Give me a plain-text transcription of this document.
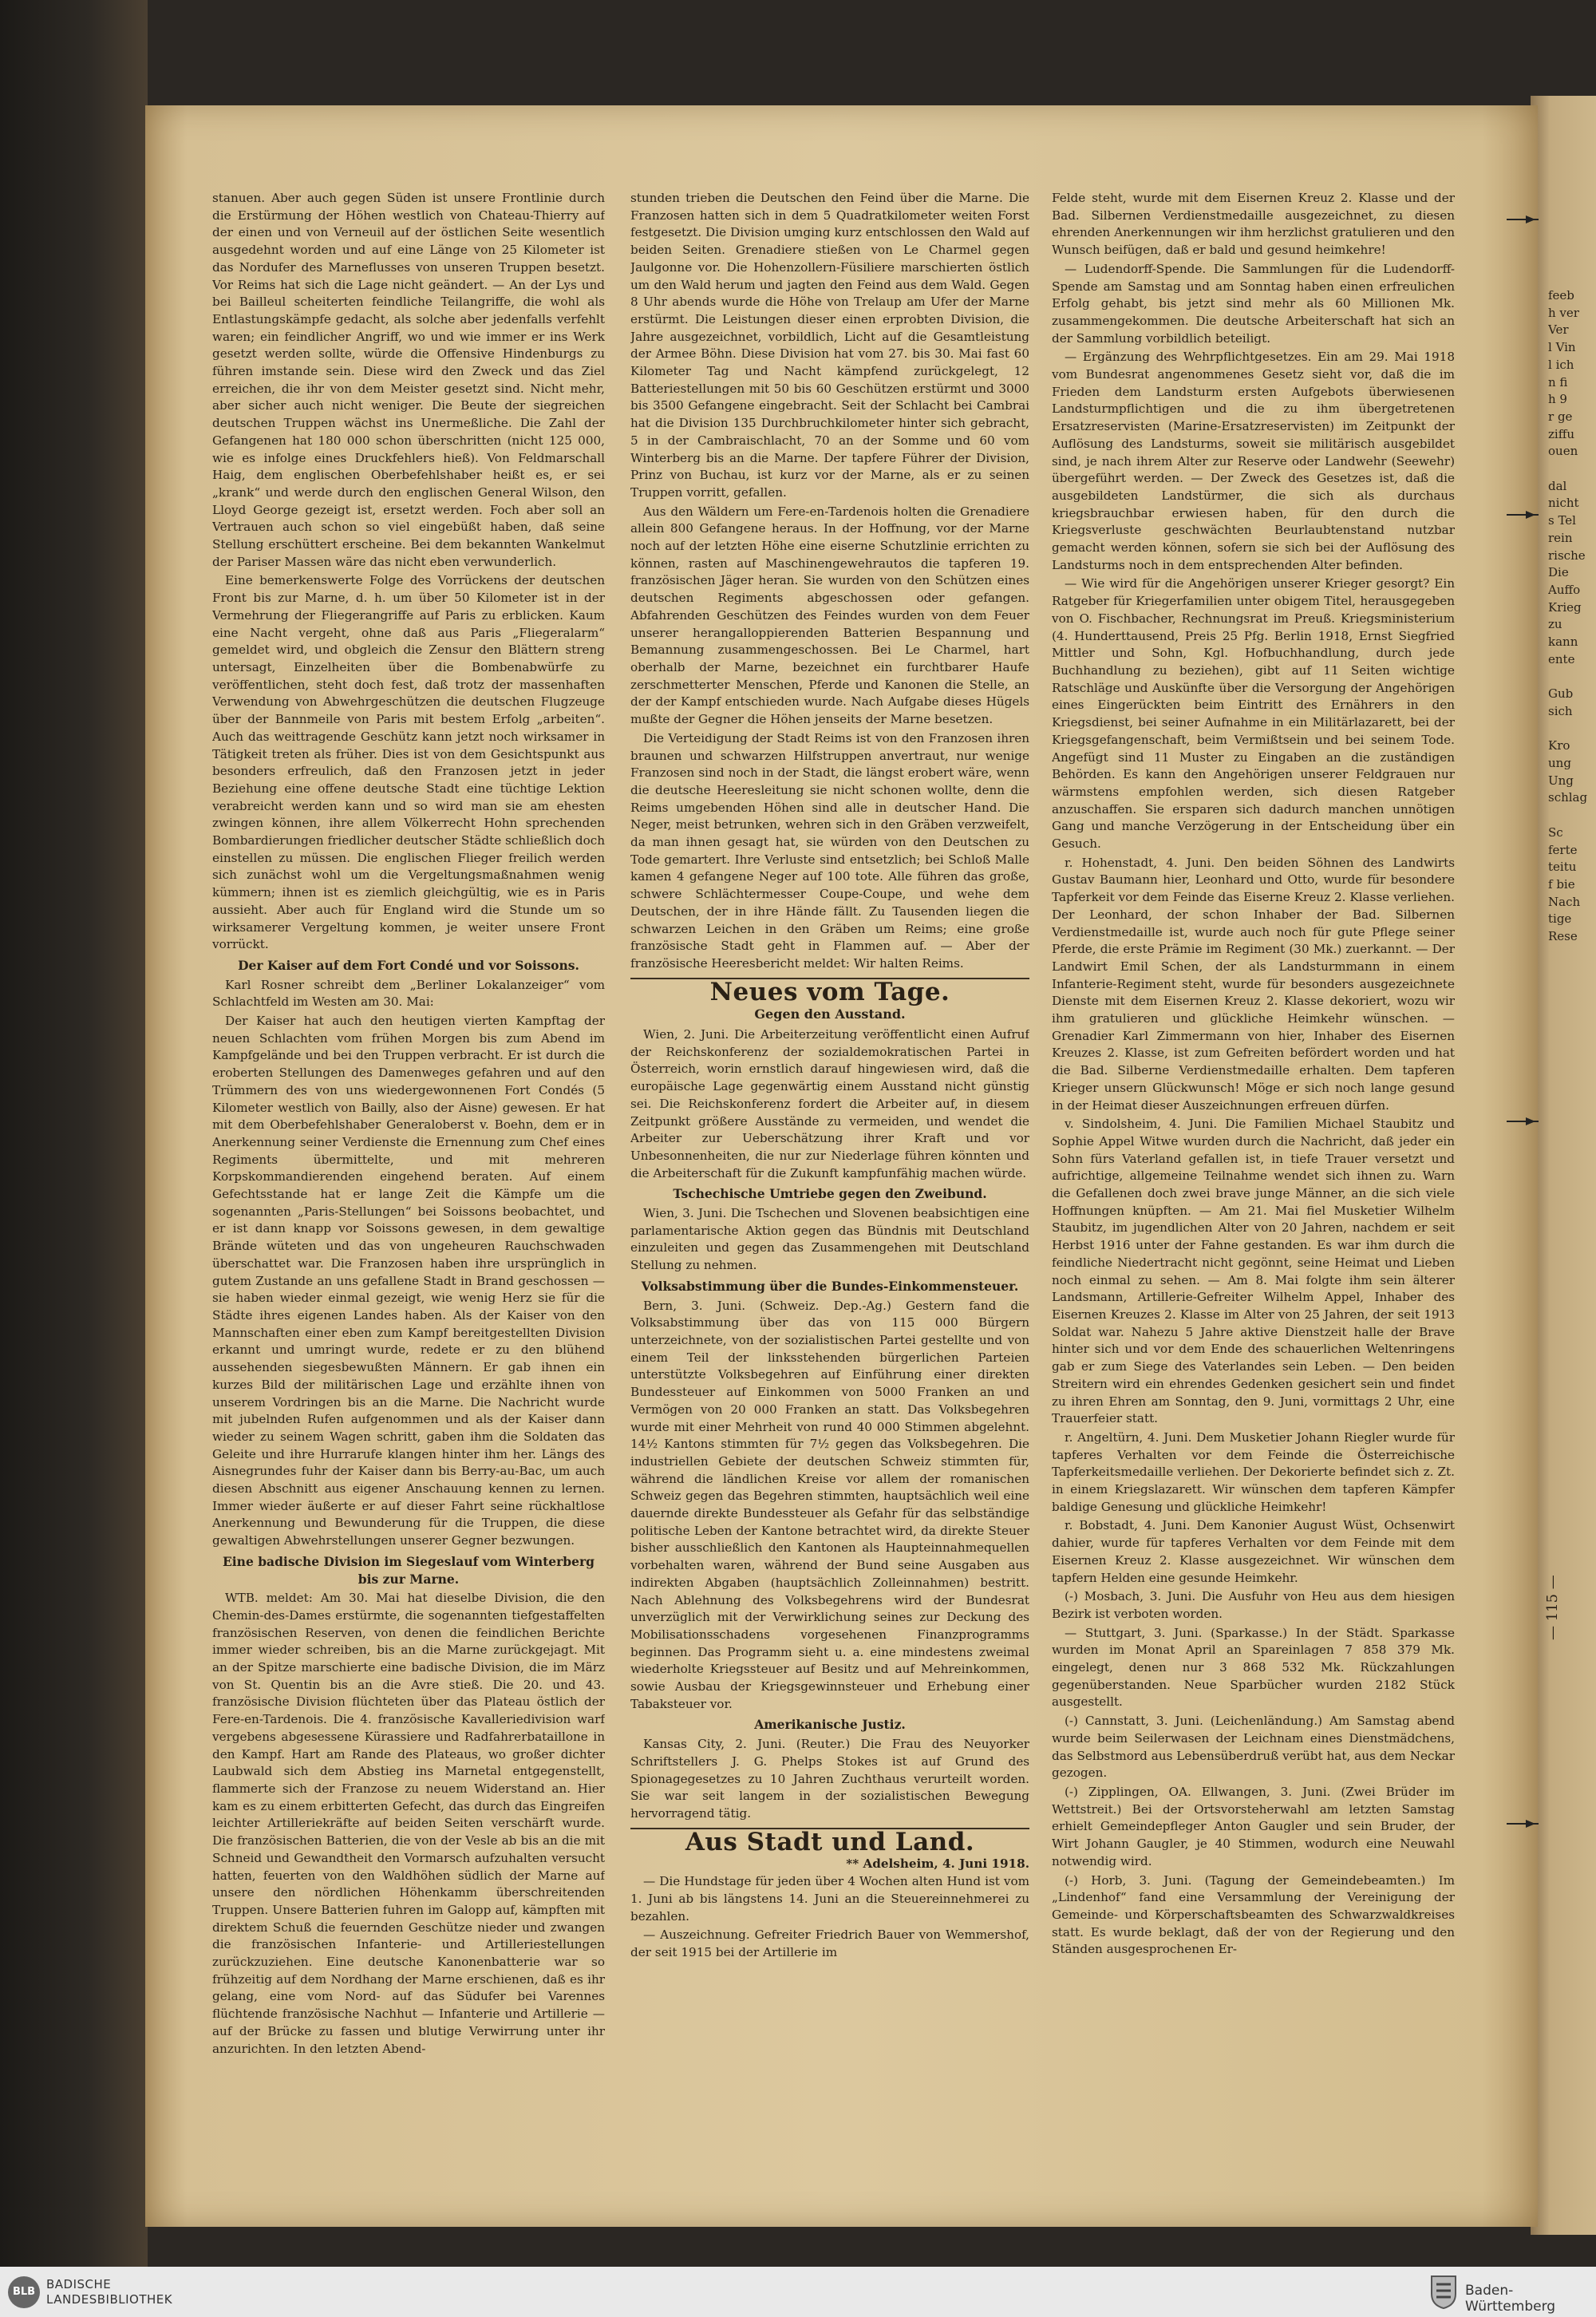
stanuen. Aber auch gegen Süden ist unsere Frontlinie durch die Erstürmung der Höhen westlich von Chateau-Thierry auf der einen und von Verneuil auf der östlichen Seite wesentlich ausgedehnt worden und auf eine Länge von 25 Kilometer ist das Nordufer des Marneflusses von unseren Truppen besetzt. Vor Reims hat sich die Lage nicht geändert. — An der Lys und bei Bailleul scheiterten feindliche Teilangriffe, die wohl als Entlastungskämpfe gedacht, als solche aber jedenfalls verfehlt waren; ein feindlicher Angriff, wo und wie immer er ins Werk gesetzt werden sollte, würde die Offensive Hindenburgs zu führen imstande sein. Diese wird den Zweck und das Ziel erreichen, die ihr von dem Meister gesetzt sind. Nicht mehr, aber sicher auch nicht weniger. Die Beute der siegreichen deutschen Truppen wächst ins Unermeßliche. Die Zahl der Gefangenen hat 180 000 schon überschritten (nicht 125 000, wie es infolge eines Druckfehlers hieß). Von Feldmarschall Haig, dem englischen Oberbefehlshaber heißt es, er sei „krank“ und werde durch den englischen General Wilson, den Lloyd George gezeigt ist, ersetzt werden. Foch aber soll an Vertrauen auch schon so viel eingebüßt haben, daß seine Stellung erschüttert erscheine. Bei dem bekannten Wankelmut der Pariser Massen wäre das nicht eben verwunderlich.

Eine bemerkenswerte Folge des Vorrückens der deutschen Front bis zur Marne, d. h. um über 50 Kilometer ist in der Vermehrung der Fliegerangriffe auf Paris zu erblicken. Kaum eine Nacht vergeht, ohne daß aus Paris „Fliegeralarm“ gemeldet wird, und obgleich die Zensur den Blättern streng untersagt, Einzelheiten über die Bombenabwürfe zu veröffentlichen, steht doch fest, daß trotz der massenhaften Verwendung von Abwehrgeschützen die deutschen Flugzeuge über der Bannmeile von Paris mit bestem Erfolg „arbeiten“. Auch das weittragende Geschütz kann jetzt noch wirksamer in Tätigkeit treten als früher. Dies ist von dem Gesichtspunkt aus besonders erfreulich, daß den Franzosen jetzt in jeder Beziehung eine offene deutsche Stadt eine tüchtige Lektion verabreicht werden kann und so wird man sie am ehesten zwingen können, ihre allem Völkerrecht Hohn sprechenden Bombardierungen friedlicher deutscher Städte schließlich doch einstellen zu müssen. Die englischen Flieger freilich werden sich zunächst wohl um die Vergeltungsmaßnahmen wenig kümmern; ihnen ist es ziemlich gleichgültig, wie es in Paris aussieht. Aber auch für England wird die Stunde um so wirksamerer Vergeltung kommen, je weiter unsere Front vorrückt.

Der Kaiser auf dem Fort Condé und vor Soissons.

Karl Rosner schreibt dem „Berliner Lokalanzeiger“ vom Schlachtfeld im Westen am 30. Mai:

Der Kaiser hat auch den heutigen vierten Kampftag der neuen Schlachten vom frühen Morgen bis zum Abend im Kampfgelände und bei den Truppen verbracht. Er ist durch die eroberten Stellungen des Damenweges gefahren und auf den Trümmern des von uns wiedergewonnenen Fort Condés (5 Kilometer westlich von Bailly, also der Aisne) gewesen. Er hat mit dem Oberbefehlshaber Generaloberst v. Boehn, dem er in Anerkennung seiner Verdienste die Ernennung zum Chef eines Regiments übermittelte, und mit mehreren Korpskommandierenden eingehend beraten. Auf einem Gefechtsstande hat er lange Zeit die Kämpfe um die sogenannten „Paris-Stellungen“ bei Soissons beobachtet, und er ist dann knapp vor Soissons gewesen, in dem gewaltige Brände wüteten und das von ungeheuren Rauchschwaden überschattet war. Die Franzosen haben ihre ursprünglich in gutem Zustande an uns gefallene Stadt in Brand geschossen — sie haben wieder einmal gezeigt, wie wenig Herz sie für die Städte ihres eigenen Landes haben. Als der Kaiser von den Mannschaften einer eben zum Kampf bereitgestellten Division erkannt und umringt wurde, redete er zu den blühend aussehenden siegesbewußten Männern. Er gab ihnen ein kurzes Bild der militärischen Lage und erzählte ihnen von unserem Vordringen bis an die Marne. Die Nachricht wurde mit jubelnden Rufen aufgenommen und als der Kaiser dann wieder zu seinem Wagen schritt, gaben ihm die Soldaten das Geleite und ihre Hurrarufe klangen hinter ihm her. Längs des Aisnegrundes fuhr der Kaiser dann bis Berry-au-Bac, um auch diesen Abschnitt aus eigener Anschauung kennen zu lernen. Immer wieder äußerte er auf dieser Fahrt seine rückhaltlose Anerkennung und Bewunderung für die Truppen, die diese gewaltigen Abwehrstellungen unserer Gegner bezwungen.

Eine badische Division im Siegeslauf vom Winterberg bis zur Marne.

WTB. meldet: Am 30. Mai hat dieselbe Division, die den Chemin-des-Dames erstürmte, die sogenannten tiefgestaffelten französischen Reserven, von denen die feindlichen Berichte immer wieder schreiben, bis an die Marne zurückgejagt. Mit an der Spitze marschierte eine badische Division, die im März von St. Quentin bis an die Avre stieß. Die 20. und 43. französische Division flüchteten über das Plateau östlich der Fere-en-Tardenois. Die 4. französische Kavalleriedivision warf vergebens abgesessene Kürassiere und Radfahrerbataillone in den Kampf. Hart am Rande des Plateaus, wo großer dichter Laubwald sich dem Abstieg ins Marnetal entgegenstellt, flammerte sich der Franzose zu neuem Widerstand an. Hier kam es zu einem erbitterten Gefecht, das durch das Eingreifen leichter Artilleriekräfte auf beiden Seiten verschärft wurde. Die französischen Batterien, die von der Vesle ab bis an die mit Schneid und Gewandtheit den Vormarsch aufzuhalten versucht hatten, feuerten von den Waldhöhen südlich der Marne auf unsere den nördlichen Höhenkamm überschreitenden Truppen. Unsere Batterien fuhren im Galopp auf, kämpften mit direktem Schuß die feuernden Geschütze nieder und zwangen die französischen Infanterie- und Artilleriestellungen zurückzuziehen. Eine deutsche Kanonenbatterie war so frühzeitig auf dem Nordhang der Marne erschienen, daß es ihr gelang, eine vom Nord- auf das Südufer bei Varennes flüchtende französische Nachhut — Infanterie und Artillerie — auf der Brücke zu fassen und blutige Verwirrung unter ihr anzurichten. In den letzten Abend-

stunden trieben die Deutschen den Feind über die Marne. Die Franzosen hatten sich in dem 5 Quadratkilometer weiten Forst festgesetzt. Die Division umging kurz entschlossen den Wald auf beiden Seiten. Grenadiere stießen von Le Charmel gegen Jaulgonne vor. Die Hohenzollern-Füsiliere marschierten östlich um den Wald herum und jagten den Feind aus dem Wald. Gegen 8 Uhr abends wurde die Höhe von Trelaup am Ufer der Marne erstürmt. Die Leistungen dieser einen erprobten Division, die Jahre ausgezeichnet, vorbildlich, Licht auf die Gesamtleistung der Armee Böhn. Diese Division hat vom 27. bis 30. Mai fast 60 Kilometer Tag und Nacht kämpfend zurückgelegt, 12 Batteriestellungen mit 50 bis 60 Geschützen erstürmt und 3000 bis 3500 Gefangene eingebracht. Seit der Schlacht bei Cambrai hat die Division 135 Durchbruchkilometer hinter sich gebracht, 5 in der Cambraischlacht, 70 an der Somme und 60 vom Winterberg bis an die Marne. Der tapfere Führer der Division, Prinz von Buchau, ist kurz vor der Marne, als er zu seinen Truppen vorritt, gefallen.

Aus den Wäldern um Fere-en-Tardenois holten die Grenadiere allein 800 Gefangene heraus. In der Hoffnung, vor der Marne noch auf der letzten Höhe eine eiserne Schutzlinie errichten zu können, rasten auf Maschinengewehrautos die tapferen 19. französischen Jäger heran. Sie wurden von den Schützen eines deutschen Regiments abgeschossen oder gefangen. Abfahrenden Geschützen des Feindes wurden von dem Feuer unserer herangalloppierenden Batterien Bespannung und Bemannung zusammengeschossen. Bei Le Charmel, hart oberhalb der Marne, bezeichnet ein furchtbarer Haufe zerschmetterter Menschen, Pferde und Kanonen die Stelle, an der der Kampf entschieden wurde. Nach Aufgabe dieses Hügels mußte der Gegner die Höhen jenseits der Marne besetzen.

Die Verteidigung der Stadt Reims ist von den Franzosen ihren braunen und schwarzen Hilfstruppen anvertraut, nur wenige Franzosen sind noch in der Stadt, die längst erobert wäre, wenn die deutsche Heeresleitung sie nicht schonen wollte, denn die Reims umgebenden Höhen sind alle in deutscher Hand. Die Neger, meist betrunken, wehren sich in den Gräben verzweifelt, da man ihnen gesagt hat, sie würden von den Deutschen zu Tode gemartert. Ihre Verluste sind entsetzlich; bei Schloß Malle kamen 4 gefangene Neger auf 100 tote. Alle führen das große, schwere Schlächtermesser Coupe-Coupe, und wehe dem Deutschen, der in ihre Hände fällt. Zu Tausenden liegen die schwarzen Leichen in den Gräben um Reims; eine große französische Stadt geht in Flammen auf. — Aber der französische Heeresbericht meldet: Wir halten Reims.

Neues vom Tage.
Gegen den Ausstand.

Wien, 2. Juni. Die Arbeiterzeitung veröffentlicht einen Aufruf der Reichskonferenz der sozialdemokratischen Partei in Österreich, worin ernstlich darauf hingewiesen wird, daß die europäische Lage gegenwärtig einem Ausstand nicht günstig sei. Die Reichskonferenz fordert die Arbeiter auf, in diesem Zeitpunkt größere Ausstände zu vermeiden, und wendet die Arbeiter zur Ueberschätzung ihrer Kraft und vor Unbesonnenheiten, die nur zur Niederlage führen könnten und die Arbeiterschaft für die Zukunft kampfunfähig machen würde.

Tschechische Umtriebe gegen den Zweibund.

Wien, 3. Juni. Die Tschechen und Slovenen beabsichtigen eine parlamentarische Aktion gegen das Bündnis mit Deutschland einzuleiten und gegen das Zusammengehen mit Deutschland Stellung zu nehmen.

Volksabstimmung über die Bundes-Einkommensteuer.

Bern, 3. Juni. (Schweiz. Dep.-Ag.) Gestern fand die Volksabstimmung über das von 115 000 Bürgern unterzeichnete, von der sozialistischen Partei gestellte und von einem Teil der linksstehenden bürgerlichen Parteien unterstützte Volksbegehren auf Einführung einer direkten Bundessteuer auf Einkommen von 5000 Franken an und Vermögen von 20 000 Franken an statt. Das Volksbegehren wurde mit einer Mehrheit von rund 40 000 Stimmen abgelehnt. 14½ Kantons stimmten für 7½ gegen das Volksbegehren. Die industriellen Gebiete der deutschen Schweiz stimmten für, während die ländlichen Kreise vor allem der romanischen Schweiz gegen das Begehren stimmten, hauptsächlich weil eine dauernde direkte Bundessteuer als Gefahr für das selbständige politische Leben der Kantone betrachtet wird, da direkte Steuer bisher ausschließlich den Kantonen als Haupteinnahmequellen vorbehalten waren, während der Bund seine Ausgaben aus indirekten Abgaben (hauptsächlich Zolleinnahmen) bestritt. Nach Ablehnung des Volksbegehrens wird der Bundesrat unverzüglich mit der Verwirklichung seines zur Deckung des Mobilisationsschadens vorgesehenen Finanzprogramms beginnen. Das Programm sieht u. a. eine mindestens zweimal wiederholte Kriegssteuer auf Besitz und auf Mehreinkommen, sowie Ausbau der Kriegsgewinnsteuer und Erhebung einer Tabaksteuer vor.

Amerikanische Justiz.

Kansas City, 2. Juni. (Reuter.) Die Frau des Neuyorker Schriftstellers J. G. Phelps Stokes ist auf Grund des Spionagegesetzes zu 10 Jahren Zuchthaus verurteilt worden. Sie war seit langem in der sozialistischen Bewegung hervorragend tätig.

Aus Stadt und Land.
** Adelsheim, 4. Juni 1918.

— Die Hundstage für jeden über 4 Wochen alten Hund ist vom 1. Juni ab bis längstens 14. Juni an die Steuereinnehmerei zu bezahlen.

— Auszeichnung. Gefreiter Friedrich Bauer von Wemmershof, der seit 1915 bei der Artillerie im

Felde steht, wurde mit dem Eisernen Kreuz 2. Klasse und der Bad. Silbernen Verdienstmedaille ausgezeichnet, zu diesen ehrenden Anerkennungen wir ihm herzlichst gratulieren und den Wunsch beifügen, daß er bald und gesund heimkehre!

— Ludendorff-Spende. Die Sammlungen für die Ludendorff-Spende am Samstag und am Sonntag haben einen erfreulichen Erfolg gehabt, bis jetzt sind mehr als 60 Millionen Mk. zusammengekommen. Die deutsche Arbeiterschaft hat sich an der Sammlung vorbildlich beteiligt.

— Ergänzung des Wehrpflichtgesetzes. Ein am 29. Mai 1918 vom Bundesrat angenommenes Gesetz sieht vor, daß die im Frieden dem Landsturm ersten Aufgebots überwiesenen Landsturmpflichtigen und die zu ihm übergetretenen Ersatzreservisten (Marine-Ersatzreservisten) im Zeitpunkt der Auflösung des Landsturms, soweit sie militärisch ausgebildet sind, je nach ihrem Alter zur Reserve oder Landwehr (Seewehr) übergeführt werden. — Der Zweck des Gesetzes ist, daß die ausgebildeten Landstürmer, die sich als durchaus kriegsbrauchbar erwiesen haben, für den durch die Kriegsverluste geschwächten Beurlaubtenstand nutzbar gemacht werden können, sofern sie sich bei der Auflösung des Landsturms noch in dem entsprechenden Alter befinden.

— Wie wird für die Angehörigen unserer Krieger gesorgt? Ein Ratgeber für Kriegerfamilien unter obigem Titel, herausgegeben von O. Fischbacher, Rechnungsrat im Preuß. Kriegsministerium (4. Hunderttausend, Preis 25 Pfg. Berlin 1918, Ernst Siegfried Mittler und Sohn, Kgl. Hofbuchhandlung, durch jede Buchhandlung zu beziehen), gibt auf 11 Seiten wichtige Ratschläge und Auskünfte über die Versorgung der Angehörigen eines Eingerückten beim Eintritt des Ernährers in den Kriegsdienst, bei seiner Aufnahme in ein Militärlazarett, bei der Kriegsgefangenschaft, beim Vermißtsein und bei seinem Tode. Angefügt sind 11 Muster zu Eingaben an die zuständigen Behörden. Es kann den Angehörigen unserer Feldgrauen nur wärmstens empfohlen werden, sich diesen Ratgeber anzuschaffen. Sie ersparen sich dadurch manchen unnötigen Gang und manche Verzögerung in der Entscheidung über ein Gesuch.

r. Hohenstadt, 4. Juni. Den beiden Söhnen des Landwirts Gustav Baumann hier, Leonhard und Otto, wurde für besondere Tapferkeit vor dem Feinde das Eiserne Kreuz 2. Klasse verliehen. Der Leonhard, der schon Inhaber der Bad. Silbernen Verdienstmedaille ist, wurde auch noch für gute Pflege seiner Pferde, die erste Prämie im Regiment (30 Mk.) zuerkannt. — Der Landwirt Emil Schen, der als Landsturmmann in einem Infanterie-Regiment steht, wurde für besonders ausgezeichnete Dienste mit dem Eisernen Kreuz 2. Klasse dekoriert, wozu wir ihm gratulieren und glückliche Heimkehr wünschen. — Grenadier Karl Zimmermann von hier, Inhaber des Eisernen Kreuzes 2. Klasse, ist zum Gefreiten befördert worden und hat die Bad. Silberne Verdienstmedaille erhalten. Dem tapferen Krieger unsern Glückwunsch! Möge er sich noch lange gesund in der Heimat dieser Auszeichnungen erfreuen dürfen.

v. Sindolsheim, 4. Juni. Die Familien Michael Staubitz und Sophie Appel Witwe wurden durch die Nachricht, daß jeder ein Sohn fürs Vaterland gefallen ist, in tiefe Trauer versetzt und aufrichtige, allgemeine Teilnahme wendet sich ihnen zu. Warn die Gefallenen doch zwei brave junge Männer, an die sich viele Hoffnungen knüpften. — Am 21. Mai fiel Musketier Wilhelm Staubitz, im jugendlichen Alter von 20 Jahren, nachdem er seit Herbst 1916 unter der Fahne gestanden. Es war ihm durch die feindliche Niedertracht nicht gegönnt, seine Heimat und Lieben noch einmal zu sehen. — Am 8. Mai folgte ihm sein älterer Landsmann, Artillerie-Gefreiter Wilhelm Appel, Inhaber des Eisernen Kreuzes 2. Klasse im Alter von 25 Jahren, der seit 1913 Soldat war. Nahezu 5 Jahre aktive Dienstzeit halle der Brave hinter sich und vor dem Ende des schauerlichen Weltenringens gab er zum Siege des Vaterlandes sein Leben. — Den beiden Streitern wird ein ehrendes Gedenken gesichert sein und findet zu ihren Ehren am Sonntag, den 9. Juni, vormittags 2 Uhr, eine Trauerfeier statt.

r. Angeltürn, 4. Juni. Dem Musketier Johann Riegler wurde für tapferes Verhalten vor dem Feinde die Österreichische Tapferkeitsmedaille verliehen. Der Dekorierte befindet sich z. Zt. in einem Kriegslazarett. Wir wünschen dem tapferen Kämpfer baldige Genesung und glückliche Heimkehr!

r. Bobstadt, 4. Juni. Dem Kanonier August Wüst, Ochsenwirt dahier, wurde für tapferes Verhalten vor dem Feinde mit dem Eisernen Kreuz 2. Klasse ausgezeichnet. Wir wünschen dem tapfern Helden eine gesunde Heimkehr.

(-) Mosbach, 3. Juni. Die Ausfuhr von Heu aus dem hiesigen Bezirk ist verboten worden.

— Stuttgart, 3. Juni. (Sparkasse.) In der Städt. Sparkasse wurden im Monat April an Spareinlagen 7 858 379 Mk. eingelegt, denen nur 3 868 532 Mk. Rückzahlungen gegenüberstanden. Neue Sparbücher wurden 2182 Stück ausgestellt.

(-) Cannstatt, 3. Juni. (Leichenländung.) Am Samstag abend wurde beim Seilerwasen der Leichnam eines Dienstmädchens, das Selbstmord aus Lebensüberdruß verübt hat, aus dem Neckar gezogen.

(-) Zipplingen, OA. Ellwangen, 3. Juni. (Zwei Brüder im Wettstreit.) Bei der Ortsvorsteherwahl am letzten Samstag erhielt Gemeindepfleger Anton Gaugler und sein Bruder, der Wirt Johann Gaugler, je 40 Stimmen, wodurch eine Neuwahl notwendig wird.

(-) Horb, 3. Juni. (Tagung der Gemeindebeamten.) Im „Lindenhof“ fand eine Versammlung der Vereinigung der Gemeinde- und Körperschaftsbeamten des Schwarzwaldkreises statt. Es wurde beklagt, daß der von der Regierung und den Ständen ausgesprochenen Er-

feeb
h ver
Ver
l Vin
l ich
n fi
h 9
r ge
ziffu
ouen

dal
nicht
s Tel
rein
rische
Die
Auffo
Krieg
zu
kann
ente

Gub
sich

Kro
ung
Ung
schlag

Sc
ferte
teitu
f bie
Nach
tige
Rese
— 115 —
BLB
BADISCHE
LANDESBIBLIOTHEK
Baden-Württemberg
